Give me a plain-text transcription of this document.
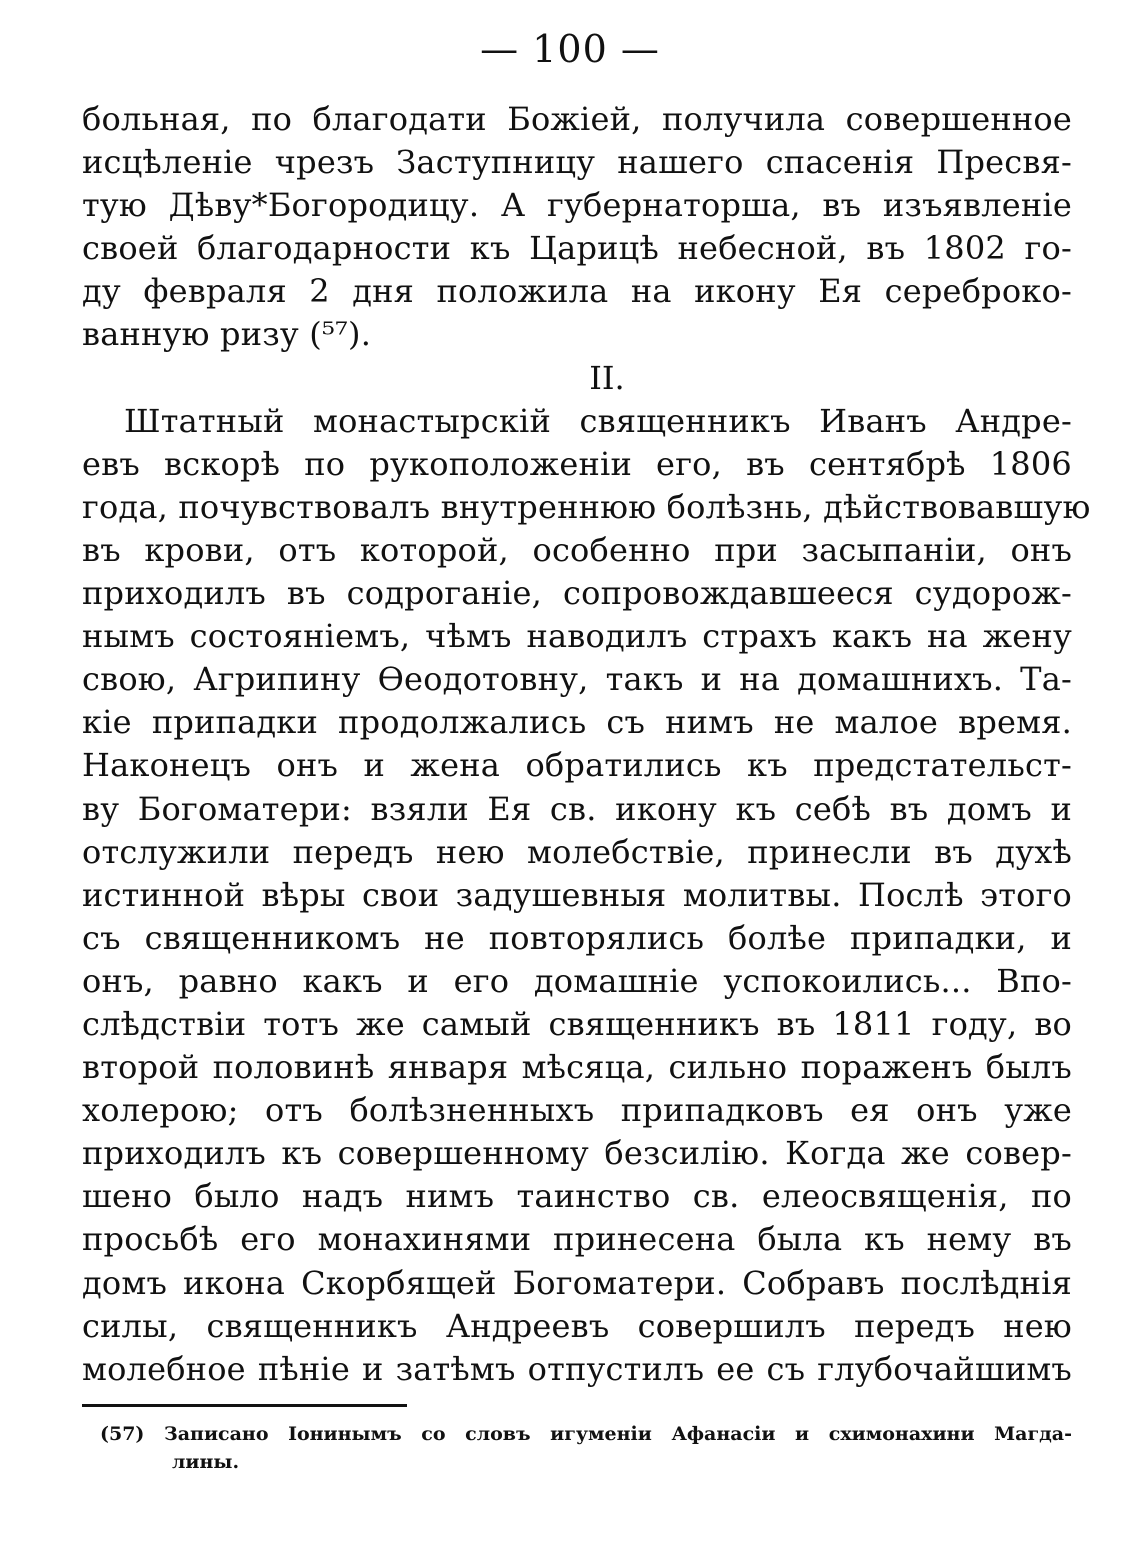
— 100 —
больная, по благодати Божіей, получила совершенное
исцѣленіе чрезъ Заступницу нашего спасенія Пресвя-
тую Дѣву*Богородицу. А губернаторша, въ изъявленіе
своей благодарности къ Царицѣ небесной, въ 1802 го-
ду февраля 2 дня положила на икону Ея сереброко-
ванную ризу (⁵⁷).
II.
Штатный монастырскій священникъ Иванъ Андре-
евъ вскорѣ по рукоположеніи его, въ сентябрѣ 1806
года, почувствовалъ внутреннюю болѣзнь, дѣйствовавшую
въ крови, отъ которой, особенно при засыпаніи, онъ
приходилъ въ содроганіе, сопровождавшееся судорож-
нымъ состояніемъ, чѣмъ наводилъ страхъ какъ на жену
свою, Агрипину Ѳеодотовну, такъ и на домашнихъ. Та-
кіе припадки продолжались съ нимъ не малое время.
Наконецъ онъ и жена обратились къ предстательст-
ву Богоматери: взяли Ея св. икону къ себѣ въ домъ и
отслужили передъ нею молебствіе, принесли въ духѣ
истинной вѣры свои задушевныя молитвы. Послѣ этого
съ священникомъ не повторялись болѣе припадки, и
онъ, равно какъ и его домашніе успокоились... Впо-
слѣдствіи тотъ же самый священникъ въ 1811 году, во
второй половинѣ января мѣсяца, сильно пораженъ былъ
холерою; отъ болѣзненныхъ припадковъ ея онъ уже
приходилъ къ совершенному безсилію. Когда же совер-
шено было надъ нимъ таинство св. елеосвященія, по
просьбѣ его монахинями принесена была къ нему въ
домъ икона Скорбящей Богоматери. Собравъ послѣднія
силы, священникъ Андреевъ совершилъ передъ нею
молебное пѣніе и затѣмъ отпустилъ ее съ глубочайшимъ
(57) Записано Іонинымъ со словъ игуменіи Афанасіи и схимонахини Магда-
лины.
